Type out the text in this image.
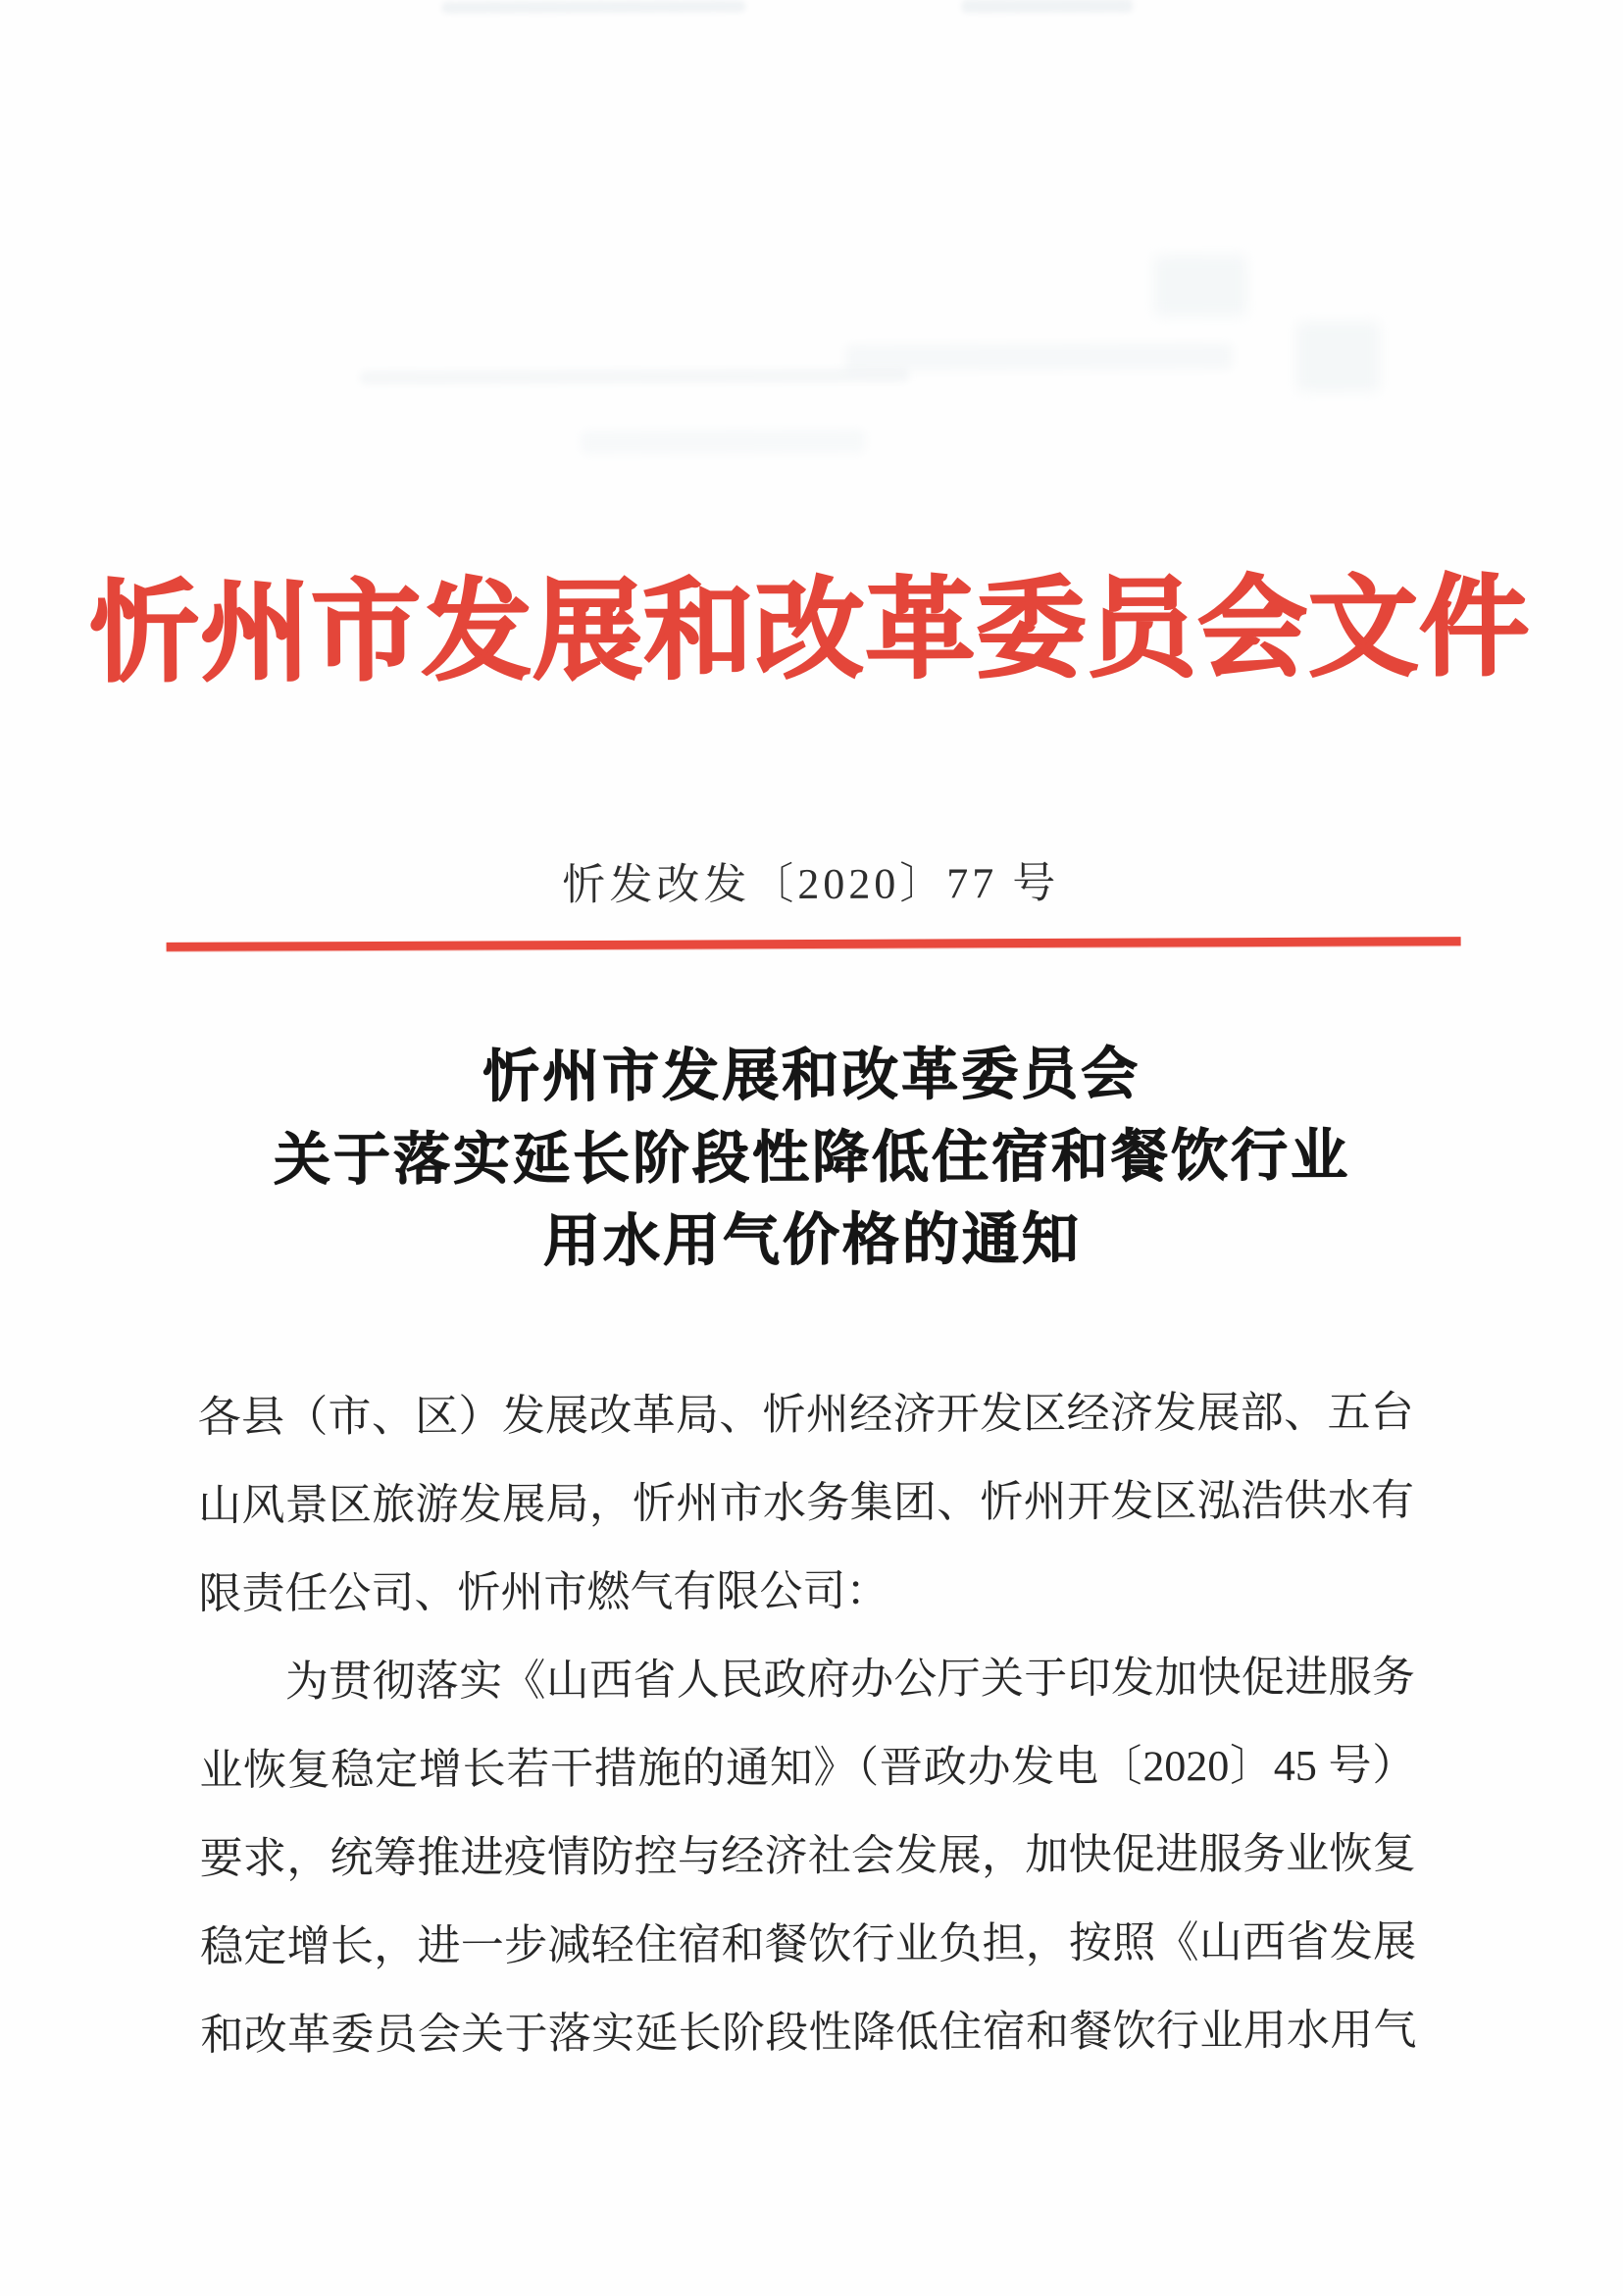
忻州市发展和改革委员会文件
忻发改发〔2020〕77 号
忻州市发展和改革委员会
关于落实延长阶段性降低住宿和餐饮行业
用水用气价格的通知
各县（市、区）发展改革局、忻州经济开发区经济发展部、五台
山风景区旅游发展局，忻州市水务集团、忻州开发区泓浩供水有
限责任公司、忻州市燃气有限公司：
为贯彻落实《山西省人民政府办公厅关于印发加快促进服务
业恢复稳定增长若干措施的通知》（晋政办发电〔2020〕45 号）
要求，统筹推进疫情防控与经济社会发展，加快促进服务业恢复
稳定增长，进一步减轻住宿和餐饮行业负担，按照《山西省发展
和改革委员会关于落实延长阶段性降低住宿和餐饮行业用水用气
